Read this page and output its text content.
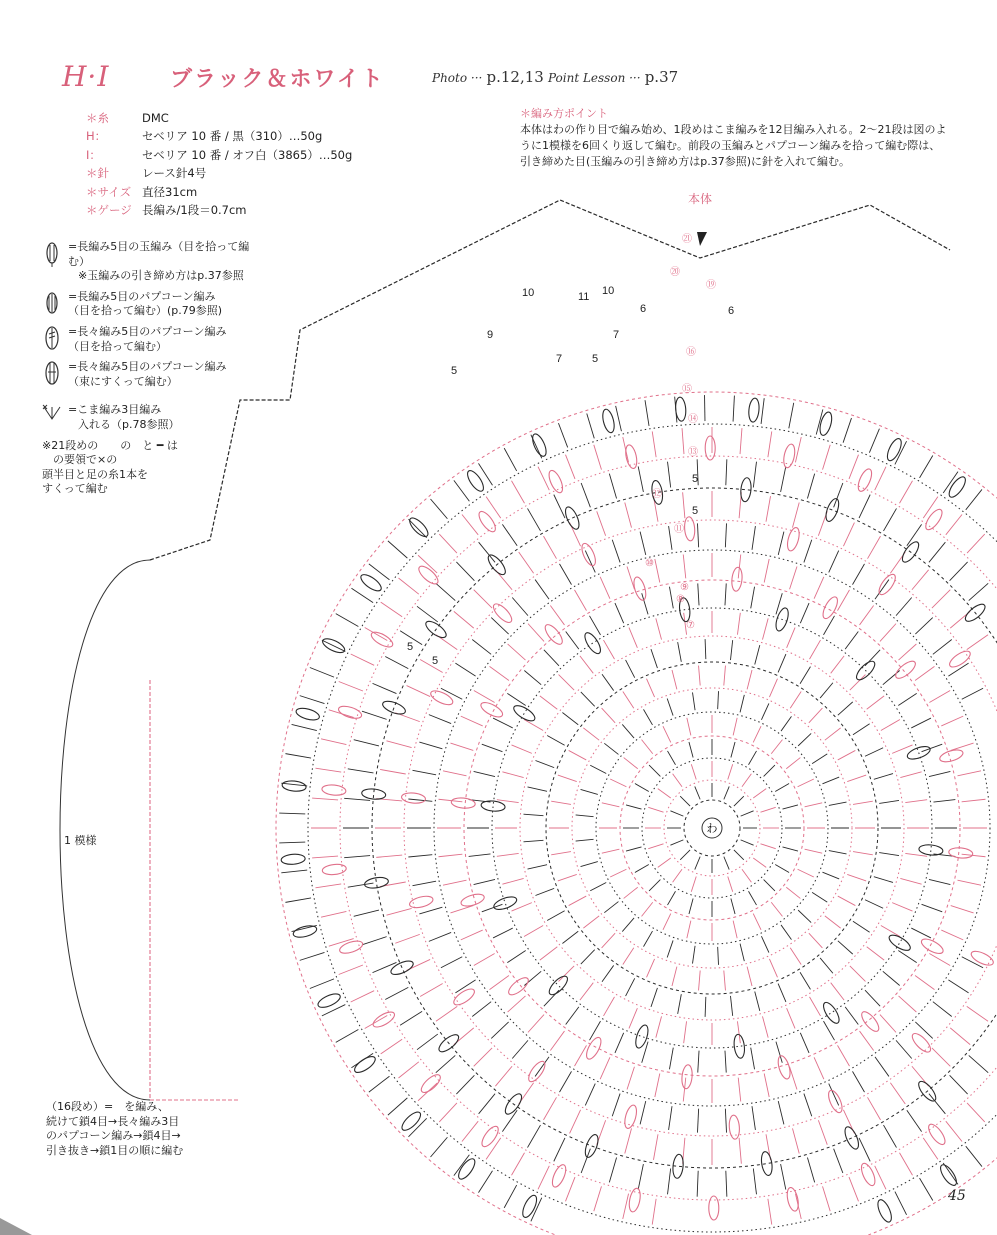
H·I	ブラック＆ホワイト	Photo ··· p.12,13 Point Lesson ··· p.37
＊糸	DMC
H：	セベリア 10 番 / 黒（310）…50g
I：	セベリア 10 番 / オフ白（3865）…50g
＊針	レース針4号
＊サイズ 直径31cm
＊ゲージ 長編み/1段＝0.7cm
＊編み方ポイント
本体はわの作り目で編み始め、1段めはこま編みを12目編み入れる。2～21段は図のように1模様を6回くり返して編む。前段の玉編みとパプコーン編みを拾って編む際は、引き締めた目(玉編みの引き締め方はp.37参照)に針を入れて編む。
=長編み5目の玉編み（目を拾って編む）
※玉編みの引き締め方はp.37参照
=長編み5目のパプコーン編み
（目を拾って編む）(p.79参照)
=長々編み5目のパプコーン編み
（目を拾って編む）
=長々編み5目のパプコーン編み
（束にすくって編む）
=こま編み3目編み
入れる（p.78参照）
※21段めの　　の　と ━ は
　の要領で×の
頭半目と足の糸1本を
すくって編む
わ
⑦
⑧
⑨
⑩
⑪
⑫
⑬
⑭
⑮
⑯
⑲
⑳
㉑
10	11 10
9
7
7
6	6
5
5
5
5
5
5
本体
1 模様
（16段め）=　を編み、
続けて鎖4目→長々編み3目
のパプコーン編み→鎖4目→
引き抜き→鎖1目の順に編む
45
